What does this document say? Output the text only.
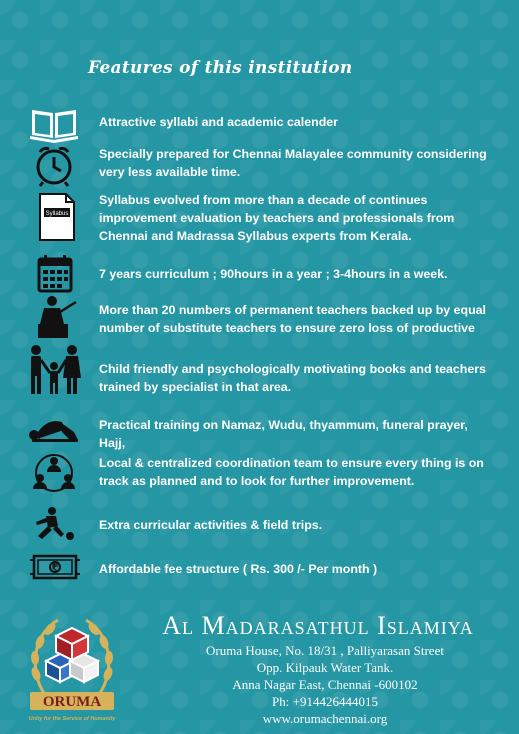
Features of this institution
Attractive syllabi and academic calender
Specially prepared for Chennai Malayalee community considering very less available time.
Syllabus
Syllabus evolved from more than a decade of continues improvement evaluation by teachers and professionals from Chennai and Madrassa Syllabus experts from Kerala.
7 years curriculum ; 90hours in a year ; 3-4hours in a week.
More than 20 numbers of permanent teachers backed up by equal number of substitute teachers to ensure zero loss of productive
Child friendly and psychologically motivating books and teachers trained by specialist in that area.
Practical training on Namaz, Wudu, thyammum, funeral prayer, Hajj,
Local & centralized coordination team to ensure every thing is on track as planned and to look for further improvement.
Extra curricular activities & field trips.
Affordable fee structure ( Rs. 300 /- Per month )
ORUMA
Unity for the Service of Humanity
Al Madarasathul Islamiya
Oruma House, No. 18/31 , Palliyarasan Street
Opp. Kilpauk Water Tank.
Anna Nagar East, Chennai -600102
Ph: +914426444015
www.orumachennai.org
